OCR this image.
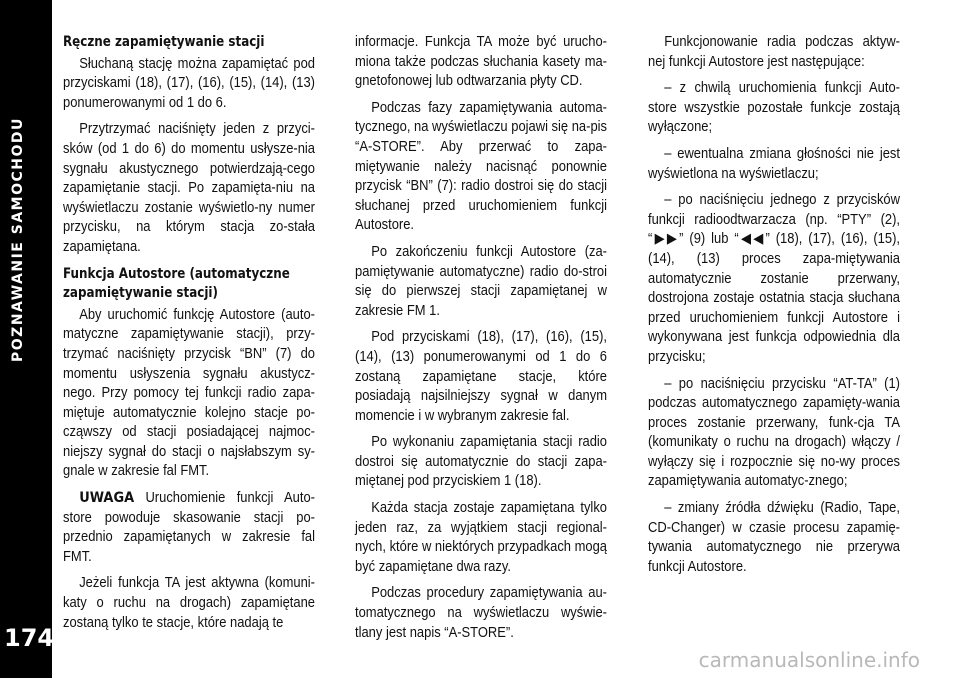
POZNAWANIE SAMOCHODU
174
Ręczne zapamiętywanie stacji

Słuchaną stację można zapamiętać pod przyciskami (18), (17), (16), (15), (14), (13) ponumerowanymi od 1 do 6.

Przytrzymać naciśnięty jeden z przyci-sków (od 1 do 6) do momentu usłysze-nia sygnału akustycznego potwierdzają-cego zapamiętanie stacji. Po zapamięta-niu na wyświetlaczu zostanie wyświetlo-ny numer przycisku, na którym stacja zo-stała zapamiętana.

Funkcja Autostore (automatyczne zapamiętywanie stacji)

Aby uruchomić funkcję Autostore (auto-matyczne zapamiętywanie stacji), przy-trzymać naciśnięty przycisk “BN” (7) do momentu usłyszenia sygnału akustycz-nego. Przy pomocy tej funkcji radio zapa-miętuje automatycznie kolejno stacje po-cząwszy od stacji posiadającej najmoc-niejszy sygnał do stacji o najsłabszym sy-gnale w zakresie fal FMT.

UWAGA Uruchomienie funkcji Auto-store powoduje skasowanie stacji po-przednio zapamiętanych w zakresie fal FMT.

Jeżeli funkcja TA jest aktywna (komuni-katy o ruchu na drogach) zapamiętane zostaną tylko te stacje, które nadają te

informacje. Funkcja TA może być urucho-miona także podczas słuchania kasety ma-gnetofonowej lub odtwarzania płyty CD.

Podczas fazy zapamiętywania automa-tycznego, na wyświetlaczu pojawi się na-pis “A-STORE”. Aby przerwać to zapa-miętywanie należy nacisnąć ponownie przycisk “BN” (7): radio dostroi się do stacji słuchanej przed uruchomieniem funkcji Autostore.

Po zakończeniu funkcji Autostore (za-pamiętywanie automatyczne) radio do-stroi się do pierwszej stacji zapamiętanej w zakresie FM 1.

Pod przyciskami (18), (17), (16), (15), (14), (13) ponumerowanymi od 1 do 6 zostaną zapamiętane stacje, które posiadają najsilniejszy sygnał w danym momencie i w wybranym zakresie fal.

Po wykonaniu zapamiętania stacji radio dostroi się automatycznie do stacji zapa-miętanej pod przyciskiem 1 (18).

Każda stacja zostaje zapamiętana tylko jeden raz, za wyjątkiem stacji regional-nych, które w niektórych przypadkach mogą być zapamiętane dwa razy.

Podczas procedury zapamiętywania au-tomatycznego na wyświetlaczu wyświe-tlany jest napis “A-STORE”.

Funkcjonowanie radia podczas aktyw-nej funkcji Autostore jest następujące:

– z chwilą uruchomienia funkcji Auto-store wszystkie pozostałe funkcje zostają wyłączone;

– ewentualna zmiana głośności nie jest wyświetlona na wyświetlaczu;

– po naciśnięciu jednego z przycisków funkcji radioodtwarzacza (np. “PTY” (2), “▶▶” (9) lub “◀◀” (18), (17), (16), (15), (14), (13) proces zapa-miętywania automatycznie zostanie przerwany, dostrojona zostaje ostatnia stacja słuchana przed uruchomieniem funkcji Autostore i wykonywana jest funkcja odpowiednia dla przycisku;

– po naciśnięciu przycisku “AT-TA” (1) podczas automatycznego zapamięty-wania proces zostanie przerwany, funk-cja TA (komunikaty o ruchu na drogach) włączy / wyłączy się i rozpocznie się no-wy proces zapamiętywania automatyc-znego;

– zmiany źródła dźwięku (Radio, Tape, CD-Changer) w czasie procesu zapamię-tywania automatycznego nie przerywa funkcji Autostore.

carmanualsonline.info
